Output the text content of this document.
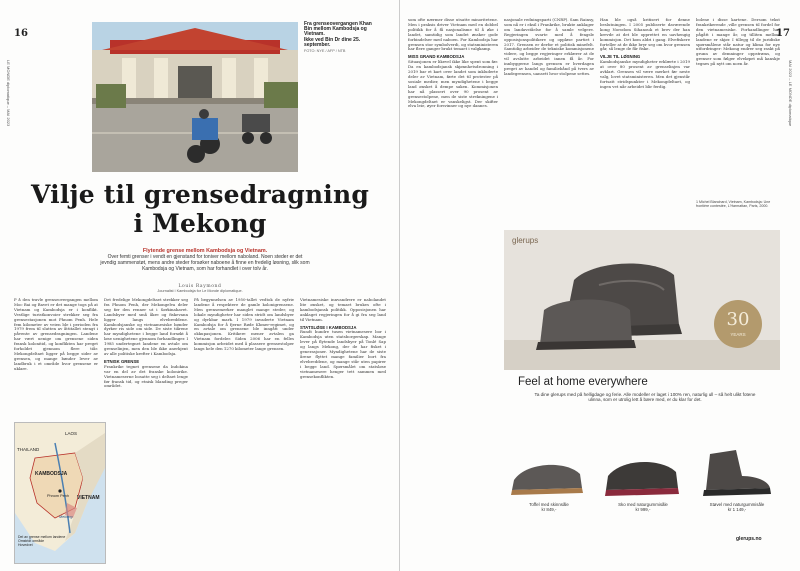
16
LE MONDE diplomatique – MAI 2023
Fra grenseovergangen Khan Bin mellom Kambodsja og Vietnam.
Ikke ved Bin Dr dine 25. september.
FOTO: NYE / AFP / NTB
Vilje til grensedragning
i Mekong
Flytende grense mellom Kambodsja og Vietnam.
Over femti grenser i vendt en gjenstand for toniver mellom naboland. Noen steder er det jevndig sammenstøt, mens andre steder forsøker naboene å finne en fredelig løsning, slik som Kambodsja og Vietnam, som har forhandlet i over tolv år.
Louis Raymond
Journalist i Kambodsja for Le Monde diplomatique.
P å den travle grenseovergangen mellom Moc Bai og Bavet er det mange togs på at Vietnam og Kambodsja er i konflikt. Vestlige turistkonvoier strekker seg fra grensestasjonen mot Phnom Penh. Hele fem kilometer av veien ble i perioden fra 1979 frem til slutten av åttitallet stengt i påvente av grensedragningen. Landene har vært uenige om grensene siden fransk kolonitid, og konflikten har preget forholdet gjennom flere tiår. Mekongdeltaet ligger på begge sider av grensen, og mange bønder lever av landbruk i et område hvor grensene er uklare.
Det fredelige Mekongdeltaet strekker seg fra Phnom Penh, der Mekongelva deler seg før den renner ut i Sørkinahavet. Landsbyer med små åkre og fiskevann ligger langs elvebreddene. Kambodsjanske og vietnamesiske bønder dyrker ris side om side. De siste tiårene har myndighetene i begge land forsøkt å løse uenighetene gjennom forhandlinger. I 1985 undertegnet landene en avtale om grenselinjen, men den ble ikke anerkjent av alle politiske krefter i Kambodsja.
ETNISK GRENSE
Frankrike tegnet grensene da Indokina var en del av det franske kolonirike. Vietnameserne bosatte seg i deltaet lenge før fransk tid, og etnisk blanding preger området.
På begynnelsen av 1950-tallet vedtok de nyfrie landene å respektere de gamle kolonigrensene. Men grensemerker manglet mange steder, og lokale myndigheter har siden stridt om landsbyer og dyrkbar mark. I 1979 invaderte Vietnam Kambodsja for å fjerne Røde Khmer-regimet, og en avtale om grensene ble inngått under okkupasjonen. Kritikere mener avtalen ga Vietnam fordeler. Siden 2006 har en felles kommisjon arbeidet med å plassere grensestolper langs hele den 1270 kilometer lange grensen.
Vietnamesiske innvandrere er nabolandet lite ønsket, og temaet brukes ofte i kambodsjansk politikk. Opposisjonen har anklaget regjeringen for å gi fra seg land til Vietnam.
STATSLØSE I KAMBODSJA
Rundt hundre tusen vietnamesere bor i Kambodsja uten statsborgerskap. Mange lever på flytende landsbyer på Tonlé Sap og langs Mekong, der de har fisket i generasjoner. Myndighetene har de siste årene flyttet mange familier bort fra elvebreddene, og mange står uten papirer i begge land. Spørsmålet om statsløse vietnamesere henger tett sammen med grensekonflikten.
LAOS
THAILAND
KAMBODSJA
VIETNAM
Phnom Penh
Mekong
Del av grense mellom landene
Omstridt område
Hovedvei
17
MAI 2023 – LE MONDE diplomatique
som ofte nærmer disse utsatte minoritetene. Men i praksis driver Vietnam med en dobbel politikk for å få nasjonalisme til å øke i landet, samtidig som landet ønsker gode forbindelser med naboen. For Kambodsja har grensen stor symbolverdi, og statsministeren har flere ganger brukt temaet i valgkamp.
MISS GRAND KAMBODSJA
Situasjonen er likevel ikke like spent som før. Da en kambodsjansk skjønnhetsdronning i 2019 bar et kart over landet som inkluderte deler av Vietnam, førte det til protester på sosiale medier, men myndighetene i begge land ønsket å dempe saken. Kommisjonen har nå plassert over 90 prosent av grensestolpene, men de siste strekningene i Mekongdeltaet er vanskeligst. Der skifter elva leie, øyer forsvinner og nye dannes.
nasjonale redningsparti (CNRP). Sam Rainsy, som nå er i eksil i Frankrike, brukte anklager om landavståelse for å samle velgere. Regjeringen svarte med å fengsle opposisjonspolitikere og oppløse partiet i 2017. Grensen er derfor et politisk minefelt. Samtidig arbeider de tekniske kommisjonene videre, og begge regjeringer erklærer at de vil avslutte arbeidet innen få år. For innbyggerne langs grensen er hverdagen preget av handel og familiebånd på tvers av landegrensen, uansett hvor stolpene settes.
Han ble også kritisert for denne beslutningen. I 2005 publiserte daværende kong Norodom Sihanouk et brev der han krevde at det ble opprettet en uavhengig kommisjon. Det kom aldri i gang. Elvefiskere forteller at de ikke bryr seg om hvor grensen går, så lenge de får fiske.
VILJE TIL LØSNING
Kambodsjanske myndigheter erklærte i 2019 at over 80 prosent av grenselinjen var avklart. Grensen vil være merket før neste valg, lovet statsministeren. Men det gjenstår fortsatt stridspunkter i Mekongdeltaet, og ingen vet når arbeidet blir ferdig.
bolene i disse kartene. Dersom tekst frankrikerende ,ville grensen til fordel for den vietnamesiske. Forhandlinger har pågått i mange år, og tilliten mellom landene er skjør. I tillegg til de juridiske spørsmålene står natur og klima for nye utfordringer: Mekong endrer seg raskt på grunn av demninger oppstrøms, og grenser som følger elveløpet må kanskje tegnes på nytt om noen år.
1 Michel Blanchard, Vietnam, Kambodsja: Une frontière contestée, L'Harmattan, Paris, 2000.
glerups
30
YEARS
Feel at home everywhere
Ta dine glerups med på helligdage og ferie. Alle modeller er laget i 100% ren, naturlig ull – så helt ulikt fotene ulinna, som er utrolig lett å bære med, er du klar for det.
Toffel med skinnsåle
kr 849,-
Sko med naturgummisåle
kr 999,-
Støvel med naturgummisåle
kr 1 149,-
glerups.no
